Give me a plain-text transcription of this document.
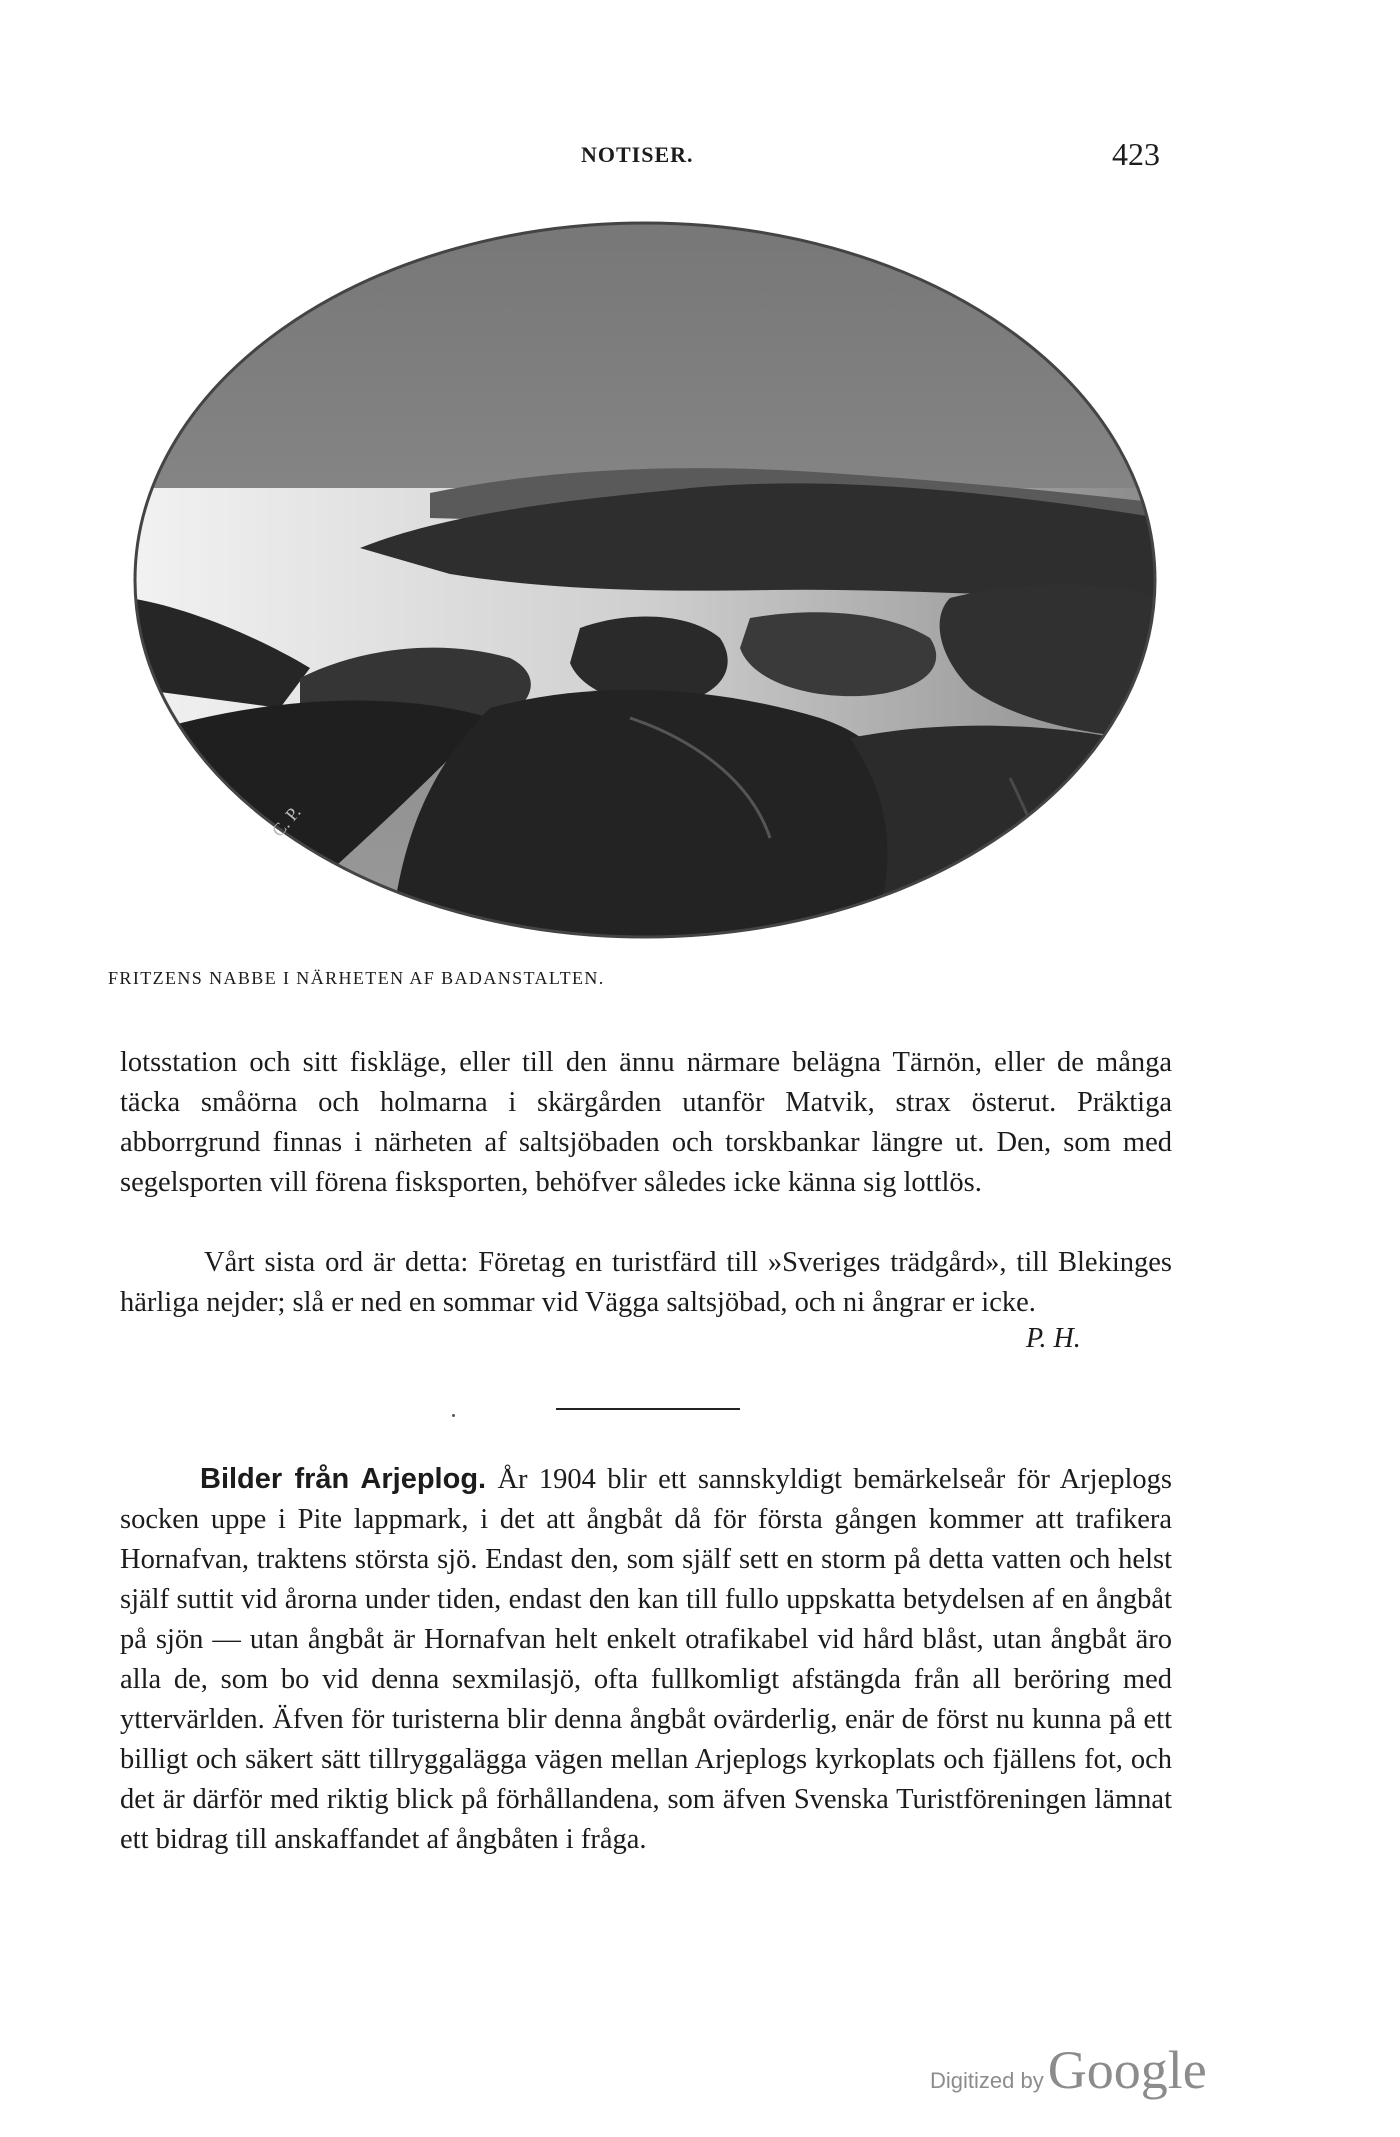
NOTISER.	423
C. P.
FRITZENS NABBE I NÄRHETEN AF BADANSTALTEN.

lotsstation och sitt fiskläge, eller till den ännu närmare belägna Tärnön, eller de många täcka småörna och holmarna i skärgården utanför Matvik, strax österut. Präktiga abborrgrund finnas i närheten af saltsjöbaden och torskbankar längre ut. Den, som med segelsporten vill förena fisksporten, behöfver således icke känna sig lottlös.

Vårt sista ord är detta: Företag en turistfärd till »Sveriges trädgård», till Blekinges härliga nejder; slå er ned en sommar vid Vägga saltsjöbad, och ni ångrar er icke.

P. H.

Bilder från Arjeplog. År 1904 blir ett sannskyldigt bemärkelseår för Arjeplogs socken uppe i Pite lappmark, i det att ångbåt då för första gången kommer att trafikera Hornafvan, traktens största sjö. Endast den, som själf sett en storm på detta vatten och helst själf suttit vid årorna under tiden, endast den kan till fullo uppskatta betydelsen af en ångbåt på sjön — utan ångbåt är Hornafvan helt enkelt otrafikabel vid hård blåst, utan ångbåt äro alla de, som bo vid denna sexmilasjö, ofta fullkomligt afstängda från all beröring med yttervärlden. Äfven för turisterna blir denna ångbåt ovärderlig, enär de först nu kunna på ett billigt och säkert sätt tillryggalägga vägen mellan Arjeplogs kyrkoplats och fjällens fot, och det är därför med riktig blick på förhållandena, som äfven Svenska Turistföreningen lämnat ett bidrag till anskaffandet af ångbåten i fråga.

Digitized by Google
